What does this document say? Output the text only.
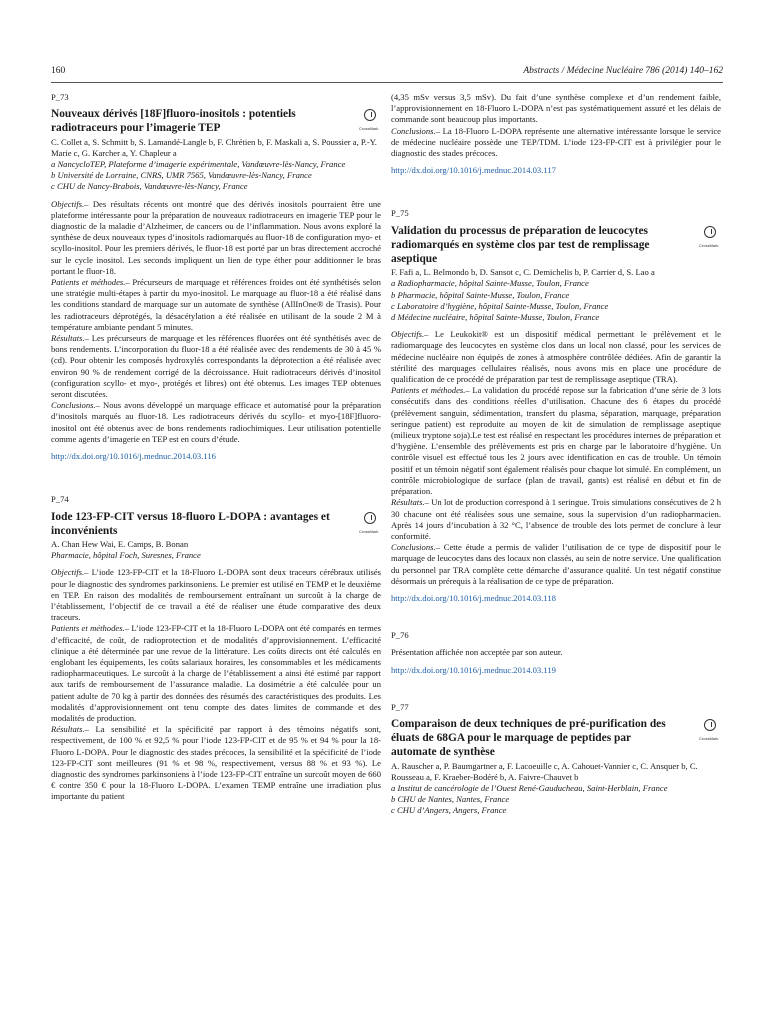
160	Abstracts / Médecine Nucléaire 786 (2014) 140–162

P_73

Nouveaux dérivés [18F]fluoro-inositols : potentiels radiotraceurs pour l’imagerie TEP	CrossMark

C. Collet a, S. Schmitt b, S. Lamandé-Langle b, F. Chrétien b, F. Maskali a, S. Poussier a, P.-Y. Marie c, G. Karcher a, Y. Chapleur a

a NancycloTEP, Plateforme d’imagerie expérimentale, Vandœuvre-lès-Nancy, France

b Université de Lorraine, CNRS, UMR 7565, Vandœuvre-lès-Nancy, France

c CHU de Nancy-Brabois, Vandœuvre-lès-Nancy, France

Objectifs.– Des résultats récents ont montré que des dérivés inositols pourraient être une plateforme intéressante pour la préparation de nouveaux radiotraceurs en imagerie TEP pour le diagnostic de la maladie d’Alzheimer, de cancers ou de l’inflammation. Nous avons exploré la synthèse de deux nouveaux types d’inositols radiomarqués au fluor-18 de configuration myo- et scyllo-inositol. Pour les premiers dérivés, le fluor-18 est porté par un bras directement accroché sur le cycle inositol. Les seconds impliquent un lien de type éther pour additionner le bras portant le fluor-18.

Patients et méthodes.– Précurseurs de marquage et références froides ont été synthétisés selon une stratégie multi-étapes à partir du myo-inositol. Le marquage au fluor-18 a été réalisé dans les conditions standard de marquage sur un automate de synthèse (AllInOne® de Trasis). Pour les radiotraceurs déprotégés, la désacétylation a été réalisée en utilisant de la soude 2 M à température ambiante pendant 5 minutes.

Résultats.– Les précurseurs de marquage et les références fluorées ont été synthétisés avec de bons rendements. L’incorporation du fluor-18 a été réalisée avec des rendements de 30 à 45 % (cd). Pour obtenir les composés hydroxylés correspondants la déprotection a été réalisée avec environ 90 % de rendement corrigé de la décroissance. Huit radiotraceurs dérivés d’inositol (configuration scyllo- et myo-, protégés et libres) ont été obtenus. Les images TEP obtenues seront discutées.

Conclusions.– Nous avons développé un marquage efficace et automatisé pour la préparation d’inositols marqués au fluor-18. Les radiotraceurs dérivés du scyllo- et myo-[18F]fluoro-inositol ont été obtenus avec de bons rendements radiochimiques. Leur utilisation potentielle comme agents d’imagerie en TEP est en cours d’étude.

http://dx.doi.org/10.1016/j.mednuc.2014.03.116

P_74

Iode 123-FP-CIT versus 18-fluoro L-DOPA : avantages et inconvénients	CrossMark

A. Chan Hew Wai, E. Camps, B. Bonan

Pharmacie, hôpital Foch, Suresnes, France

Objectifs.– L’iode 123-FP-CIT et la 18-Fluoro L-DOPA sont deux traceurs cérébraux utilisés pour le diagnostic des syndromes parkinsoniens. Le premier est utilisé en TEMP et le deuxième en TEP. En raison des modalités de remboursement entraînant un surcoût à la charge de l’établissement, l’objectif de ce travail a été de réaliser une étude comparative des deux traceurs.

Patients et méthodes.– L’iode 123-FP-CIT et la 18-Fluoro L-DOPA ont été comparés en termes d’efficacité, de coût, de radioprotection et de modalités d’approvisionnement. L’efficacité clinique a été déterminée par une revue de la littérature. Les coûts directs ont été calculés en englobant les équipements, les coûts salariaux horaires, les consommables et les médicaments radiopharmaceutiques. Le surcoût à la charge de l’établissement a ainsi été estimé par rapport aux tarifs de remboursement de l’assurance maladie. La dosimétrie a été calculée pour un patient adulte de 70 kg à partir des données des résumés des caractéristiques des produits. Les modalités d’approvisionnement ont tenu compte des dates limites de commande et des modalités de production.

Résultats.– La sensibilité et la spécificité par rapport à des témoins négatifs sont, respectivement, de 100 % et 92,5 % pour l’iode 123-FP-CIT et de 95 % et 94 % pour la 18-Fluoro L-DOPA. Pour le diagnostic des stades précoces, la sensibilité et la spécificité de l’iode 123-FP-CIT sont meilleures (91 % et 98 %, respectivement, versus 88 % et 93 %). Le diagnostic des syndromes parkinsoniens à l’iode 123-FP-CIT entraîne un surcoût moyen de 660 € contre 350 € pour la 18-Fluoro L-DOPA. L’examen TEMP entraîne une irradiation plus importante du patient

(4,35 mSv versus 3,5 mSv). Du fait d’une synthèse complexe et d’un rendement faible, l’approvisionnement en 18-Fluoro L-DOPA n’est pas systématiquement assuré et les délais de commande sont beaucoup plus importants.

Conclusions.– La 18-Fluoro L-DOPA représente une alternative intéressante lorsque le service de médecine nucléaire possède une TEP/TDM. L’iode 123-FP-CIT est à privilégier pour le diagnostic des stades précoces.

http://dx.doi.org/10.1016/j.mednuc.2014.03.117

P_75

Validation du processus de préparation de leucocytes radiomarqués en système clos par test de remplissage aseptique

CrossMark

F. Fafi a, L. Belmondo b, D. Sansot c, C. Demichelis b, P. Carrier d, S. Lao a

a Radiopharmacie, hôpital Sainte-Musse, Toulon, France

b Pharmacie, hôpital Sainte-Musse, Toulon, France

c Laboratoire d’hygiène, hôpital Sainte-Musse, Toulon, France

d Médecine nucléaire, hôpital Sainte-Musse, Toulon, France

Objectifs.– Le Leukokit® est un dispositif médical permettant le prélèvement et le radiomarquage des leucocytes en système clos dans un local non classé, pour les services de médecine nucléaire non équipés de zones à atmosphère contrôlée dédiées. Afin de garantir la stérilité des marquages cellulaires réalisés, nous avons mis en place une procédure de qualification de ce procédé de préparation par test de remplissage aseptique (TRA).

Patients et méthodes.– La validation du procédé repose sur la fabrication d’une série de 3 lots consécutifs dans des conditions réelles d’utilisation. Chacune des 6 étapes du procédé (prélèvement sanguin, sédimentation, transfert du plasma, séparation, marquage, préparation seringue patient) est reproduite au moyen de kit de simulation de remplissage aseptique (milieux tryptone soja).Le test est réalisé en respectant les procédures internes de préparation et d’hygiène. L’ensemble des prélèvements est pris en charge par le laboratoire d’hygiène. Un contrôle visuel est effectué tous les 2 jours avec identification en cas de trouble. Un témoin positif et un témoin négatif sont également réalisés pour chaque lot simulé. En complément, un contrôle microbiologique de surface (plan de travail, gants) est réalisé en début et fin de préparation.

Résultats.– Un lot de production correspond à 1 seringue. Trois simulations consécutives de 2 h 30 chacune ont été réalisées sous une semaine, sous la supervision d’un radiopharmacien. Après 14 jours d’incubation à 32 °C, l’absence de trouble des lots permet de conclure à leur conformité.

Conclusions.– Cette étude a permis de valider l’utilisation de ce type de dispositif pour le marquage de leucocytes dans des locaux non classés, au sein de notre service. Une qualification du personnel par TRA complète cette démarche d’assurance qualité. Un test négatif constitue désormais un prérequis à la réalisation de ce type de préparation.

http://dx.doi.org/10.1016/j.mednuc.2014.03.118

P_76

Présentation affichée non acceptée par son auteur.

http://dx.doi.org/10.1016/j.mednuc.2014.03.119

P_77

Comparaison de deux techniques de pré-purification des éluats de 68GA pour le marquage de peptides par automate de synthèse

CrossMark

A. Rauscher a, P. Baumgartner a, F. Lacoeuille c, A. Cahouet-Vannier c, C. Ansquer b, C. Rousseau a, F. Kraeber-Bodéré b, A. Faivre-Chauvet b

a Institut de cancérologie de l’Ouest René-Gauducheau, Saint-Herblain, France

b CHU de Nantes, Nantes, France

c CHU d’Angers, Angers, France
